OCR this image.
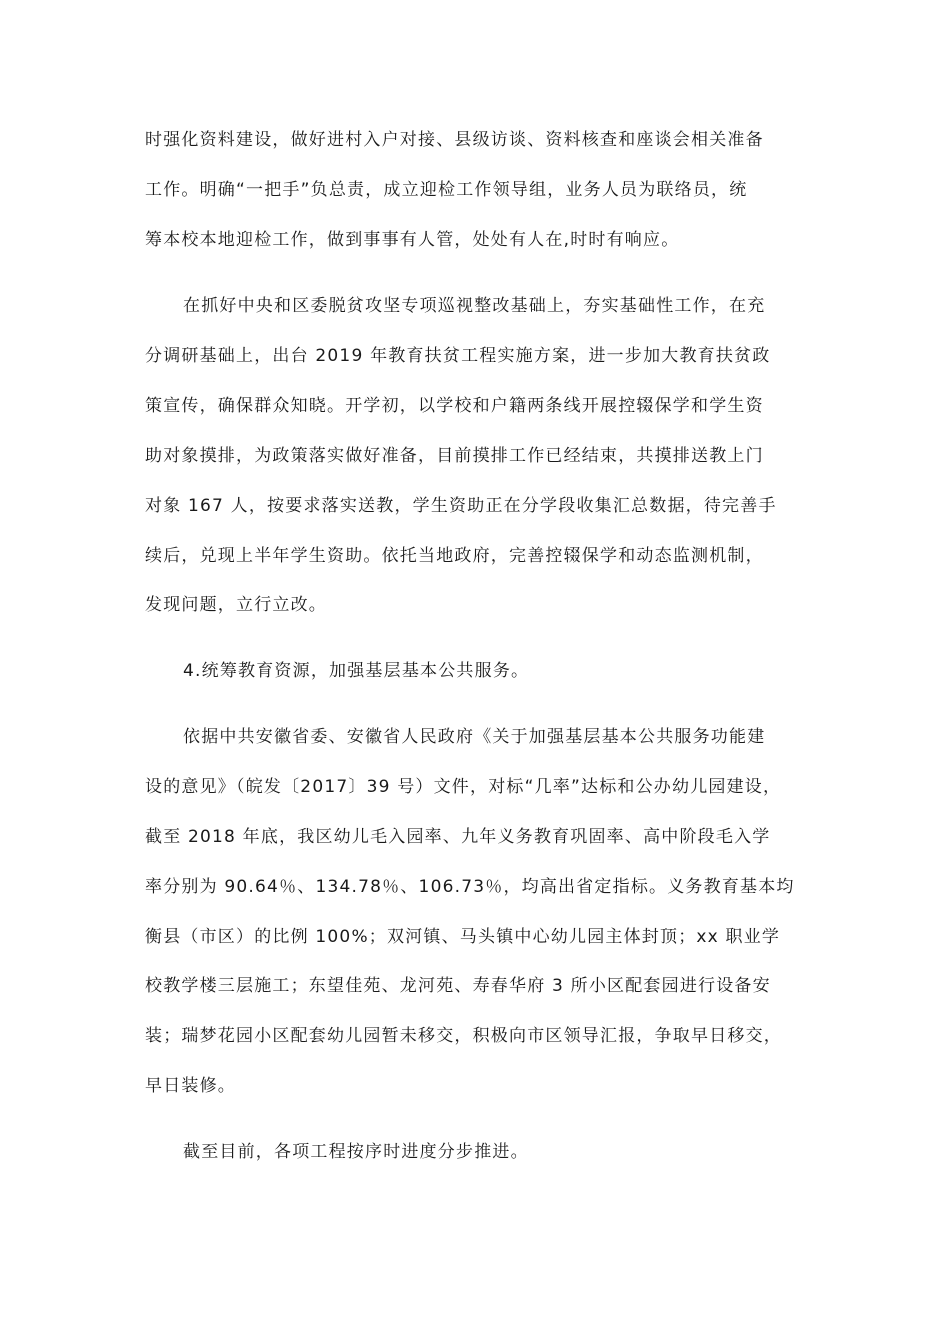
时强化资料建设，做好进村入户对接、县级访谈、资料核查和座谈会相关准备
工作。明确“一把手”负总责，成立迎检工作领导组，业务人员为联络员，统
筹本校本地迎检工作，做到事事有人管，处处有人在,时时有响应。
在抓好中央和区委脱贫攻坚专项巡视整改基础上，夯实基础性工作，在充
分调研基础上，出台 2019 年教育扶贫工程实施方案，进一步加大教育扶贫政
策宣传，确保群众知晓。开学初，以学校和户籍两条线开展控辍保学和学生资
助对象摸排，为政策落实做好准备，目前摸排工作已经结束，共摸排送教上门
对象 167 人，按要求落实送教，学生资助正在分学段收集汇总数据，待完善手
续后，兑现上半年学生资助。依托当地政府，完善控辍保学和动态监测机制，
发现问题，立行立改。
4.统筹教育资源，加强基层基本公共服务。
依据中共安徽省委、安徽省人民政府《关于加强基层基本公共服务功能建
设的意见》（皖发〔2017〕39 号）文件，对标“几率”达标和公办幼儿园建设，
截至 2018 年底，我区幼儿毛入园率、九年义务教育巩固率、高中阶段毛入学
率分别为 90.64％、134.78％、106.73％，均高出省定指标。义务教育基本均
衡县（市区）的比例 100%；双河镇、马头镇中心幼儿园主体封顶；xx 职业学
校教学楼三层施工；东望佳苑、龙河苑、寿春华府 3 所小区配套园进行设备安
装；瑞梦花园小区配套幼儿园暂未移交，积极向市区领导汇报，争取早日移交，
早日装修。
截至目前，各项工程按序时进度分步推进。
